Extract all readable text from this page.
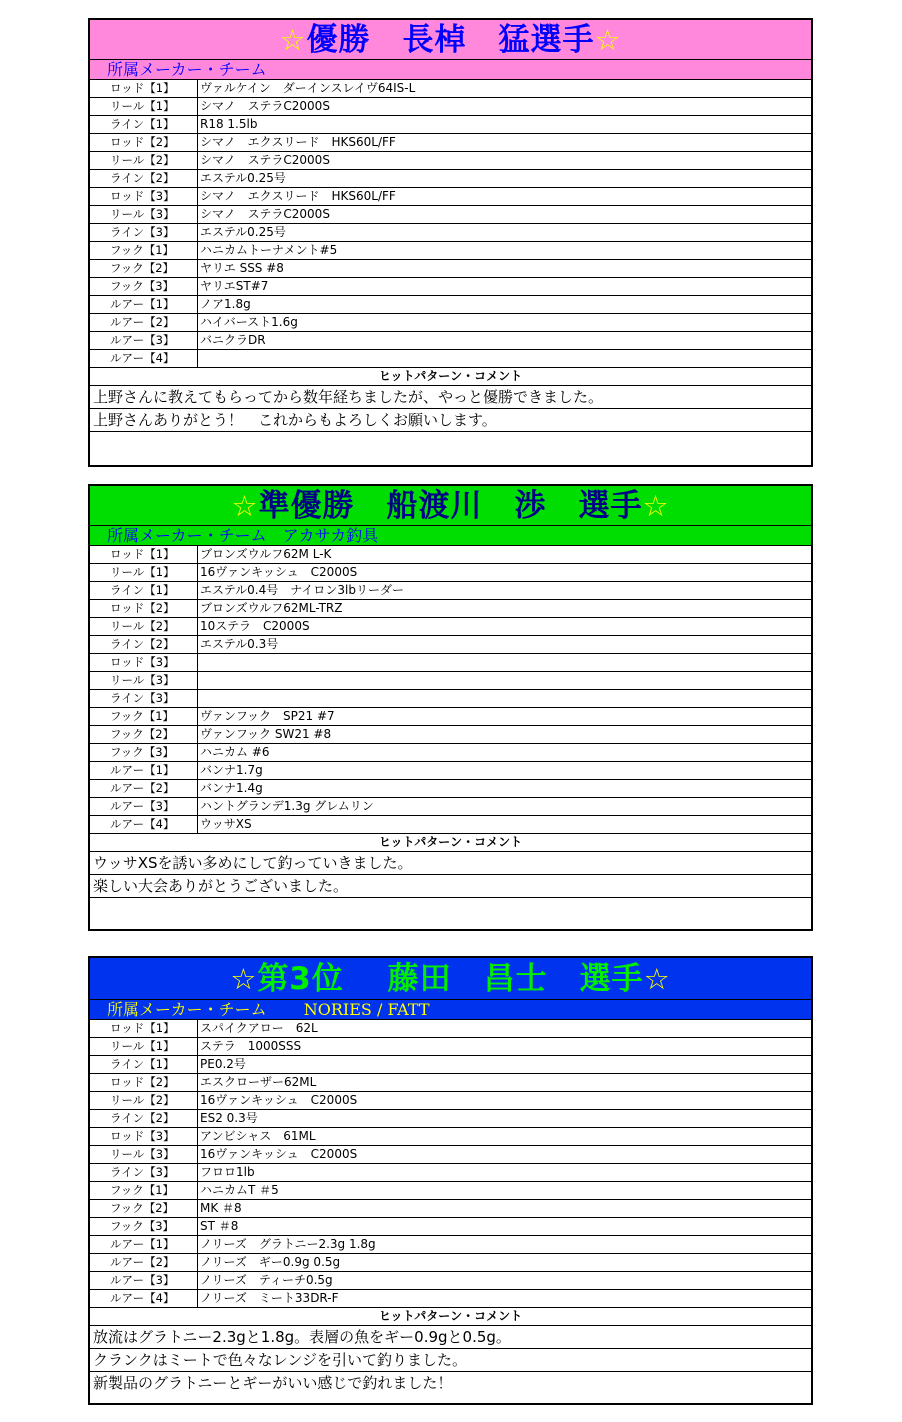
☆優勝　長棹　猛選手☆
所属メーカー・チーム
ロッド【1】	ヴァルケイン　ダーインスレイヴ64IS-L
リール【1】	シマノ　ステラC2000S
ライン【1】	R18 1.5lb
ロッド【2】	シマノ　エクスリード　HKS60L/FF
リール【2】	シマノ　ステラC2000S
ライン【2】	エステル0.25号
ロッド【3】	シマノ　エクスリード　HKS60L/FF
リール【3】	シマノ　ステラC2000S
ライン【3】	エステル0.25号
フック【1】	ハニカムトーナメント#5
フック【2】	ヤリエ SSS #8
フック【3】	ヤリエST#7
ルアー【1】	ノア1.8g
ルアー【2】	ハイバースト1.6g
ルアー【3】	バニクラDR
ルアー【4】
ヒットパターン・コメント
上野さんに教えてもらってから数年経ちましたが、やっと優勝できました。
上野さんありがとう！　これからもよろしくお願いします。
☆準優勝　船渡川　渉　選手☆
所属メーカー・チーム　アカサカ釣具
ロッド【1】	ブロンズウルフ62M L-K
リール【1】	16ヴァンキッシュ　C2000S
ライン【1】	エステル0.4号　ナイロン3lbリーダー
ロッド【2】	ブロンズウルフ62ML-TRZ
リール【2】	10ステラ　C2000S
ライン【2】	エステル0.3号
ロッド【3】
リール【3】
ライン【3】
フック【1】	ヴァンフック　SP21 #7
フック【2】	ヴァンフック SW21 #8
フック【3】	ハニカム #6
ルアー【1】	バンナ1.7g
ルアー【2】	バンナ1.4g
ルアー【3】	ハントグランデ1.3g グレムリン
ルアー【4】	ウッサXS
ヒットパターン・コメント
ウッサXSを誘い多めにして釣っていきました。
楽しい大会ありがとうございました。
☆第3位　 藤田　昌士　選手☆
所属メーカー・チーム　　 NORIES / FATT
ロッド【1】	スパイクアロー　62L
リール【1】	ステラ　1000SSS
ライン【1】	PE0.2号
ロッド【2】	エスクローザー62ML
リール【2】	16ヴァンキッシュ　C2000S
ライン【2】	ES2 0.3号
ロッド【3】	アンビシャス　61ML
リール【3】	16ヴァンキッシュ　C2000S
ライン【3】	フロロ1lb
フック【1】	ハニカムT ＃5
フック【2】	MK ＃8
フック【3】	ST ＃8
ルアー【1】	ノリーズ　グラトニー2.3g 1.8g
ルアー【2】	ノリーズ　ギー0.9g 0.5g
ルアー【3】	ノリーズ　ティーチ0.5g
ルアー【4】	ノリーズ　ミート33DR-F
ヒットパターン・コメント
放流はグラトニー2.3gと1.8g。表層の魚をギー0.9gと0.5g。
クランクはミートで色々なレンジを引いて釣りました。
新製品のグラトニーとギーがいい感じで釣れました！
